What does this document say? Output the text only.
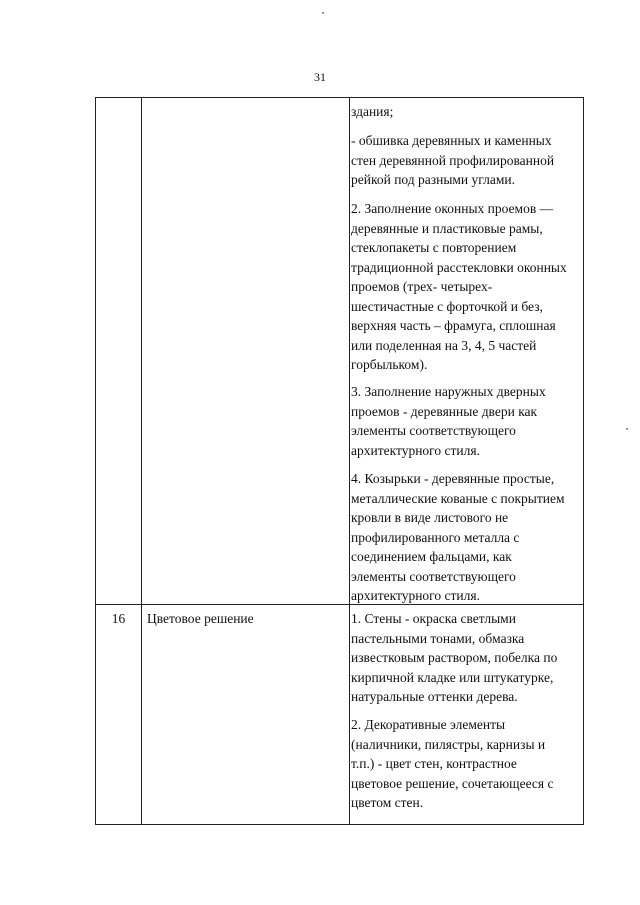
31
здания;
- обшивка деревянных и каменных
стен деревянной профилированной
рейкой под разными углами.
2. Заполнение оконных проемов —
деревянные и пластиковые рамы,
стеклопакеты с повторением
традиционной расстекловки оконных
проемов (трех- четырех-
шестичастные с форточкой и без,
верхняя часть – фрамуга, сплошная
или поделенная на 3, 4, 5 частей
горбыльком).
3. Заполнение наружных дверных
проемов - деревянные двери как
элементы соответствующего
архитектурного стиля.
4. Козырьки - деревянные простые,
металлические кованые с покрытием
кровли в виде листового не
профилированного металла с
соединением фальцами, как
элементы соответствующего
архитектурного стиля.
16	Цветовое решение	1. Стены - окраска светлыми
пастельными тонами, обмазка
известковым раствором, побелка по
кирпичной кладке или штукатурке,
натуральные оттенки дерева.
2. Декоративные элементы
(наличники, пилястры, карнизы и
т.п.) - цвет стен, контрастное
цветовое решение, сочетающееся с
цветом стен.
